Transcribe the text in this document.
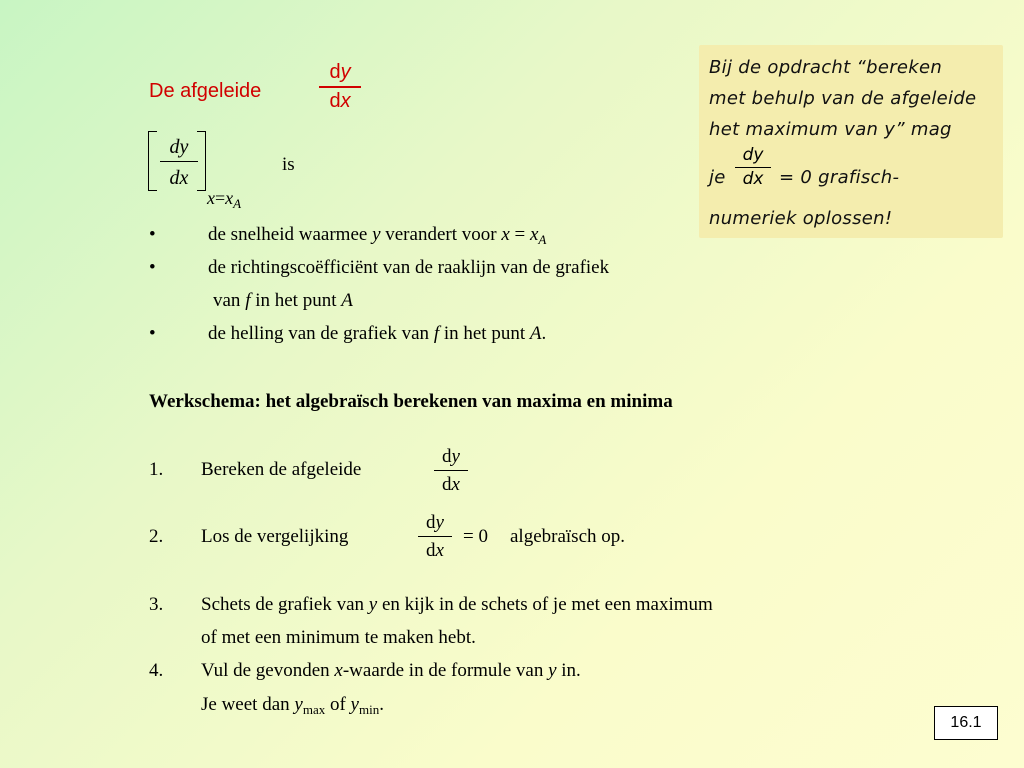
De afgeleide
dy
dx
dy
dx
$x=x_A$
is
•	de snelheid waarmee y verandert voor $x = x_A$
•	de richtingscoëfficiënt van de raaklijn van de grafiek
van f in het punt A
•	de helling van de grafiek van f in het punt A.
Werkschema: het algebraïsch berekenen van maxima en minima
1. Bereken de afgeleide
dy
dx
2. Los de vergelijking
dy
dx
= 0 algebraïsch op.
3. Schets de grafiek van y en kijk in de schets of je met een maximum
of met een minimum te maken hebt.
4. Vul de gevonden x-waarde in de formule van y in.
Je weet dan $y_{max}$ of $y_{min}$.
Bij de opdracht “bereken
met behulp van de afgeleide
het maximum van y” mag
je
dy
dx = 0 grafisch-
numeriek oplossen!
16.1
